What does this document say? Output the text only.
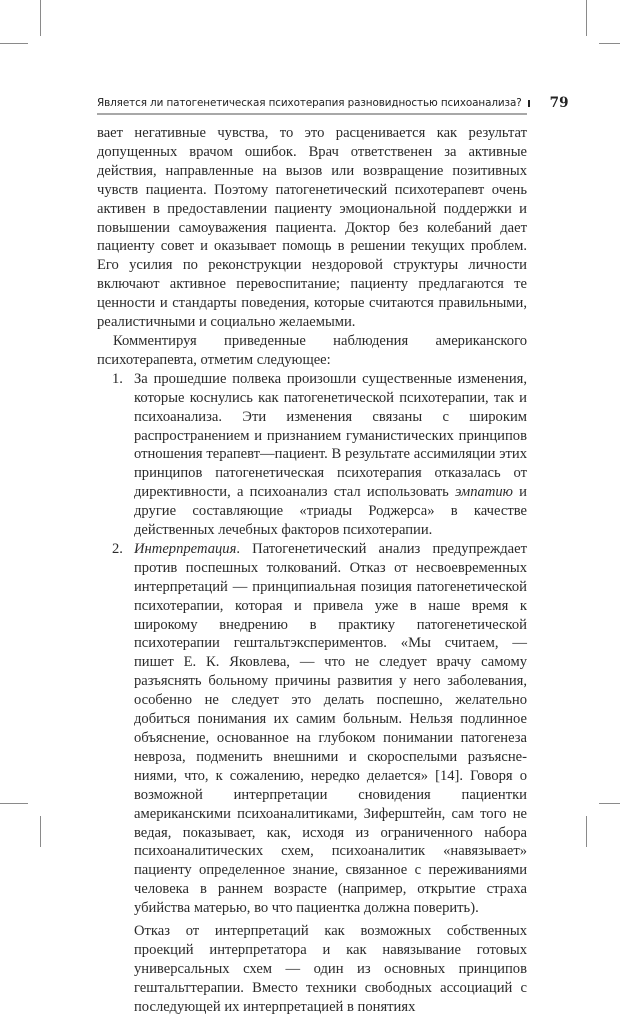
Является ли патогенетическая психотерапия разновидностью психоанализа? 79

вает негативные чувства, то это расценивается как результат допущенных врачом ошибок. Врач ответственен за активные действия, направленные на вызов или возвращение позитивных чувств пациента. Поэтому патогенетический психотерапевт очень активен в предоставлении пациенту эмоциональной поддержки и повышении самоуважения пациента. Доктор без колебаний дает пациенту совет и оказывает помощь в решении текущих проблем. Его усилия по реконструкции нездоровой структуры личности включают активное перевоспитание; пациенту предлагаются те ценности и стандарты поведения, которые считаются правильными, реалистичными и социально желаемыми.

Комментируя приведенные наблюдения американского психотерапевта, отметим следующее:

1. За прошедшие полвека произошли существенные изменения, которые коснулись как патогенетической психотерапии, так и психоанализа. Эти изменения связаны с широким распространением и признанием гуманистических принципов отношения терапевт—пациент. В результате ассимиляции этих принципов патогенетическая психотерапия отказалась от директивности, а психоанализ стал использовать эмпатию и другие составляющие «триады Роджерса» в качестве действенных лечебных факторов психотерапии.

2. Интерпретация. Патогенетический анализ предупреждает против поспешных толкований. Отказ от несвоевременных интерпретаций — принципиальная позиция патогенетической психотерапии, которая и привела уже в наше время к широкому внедрению в практику патогенетической психотерапии гештальтэкспериментов. «Мы считаем, — пишет Е. К. Яковлева, — что не следует врачу самому разъяснять больному причины развития у него заболевания, особенно не следует это делать поспешно, желательно добиться понимания их самим больным. Нельзя подлинное объяснение, основанное на глубоком понимании патогенеза невроза, подменить внешними и скороспелыми разъяснениями, что, к сожалению, нередко делается» [14]. Говоря о возможной интерпретации сновидения пациентки американскими психоаналитиками, Зиферштейн, сам того не ведая, показывает, как, исходя из ограниченного набора психоаналитических схем, психоаналитик «навязывает» пациенту определенное знание, связанное с переживаниями человека в раннем возрасте (например, открытие страха убийства матерью, во что пациентка должна поверить).

Отказ от интерпретаций как возможных собственных проекций интерпретатора и как навязывание готовых универсальных схем — один из основных принципов гештальттерапии. Вместо техники свободных ассоциаций с последующей их интерпретацией в понятиях
